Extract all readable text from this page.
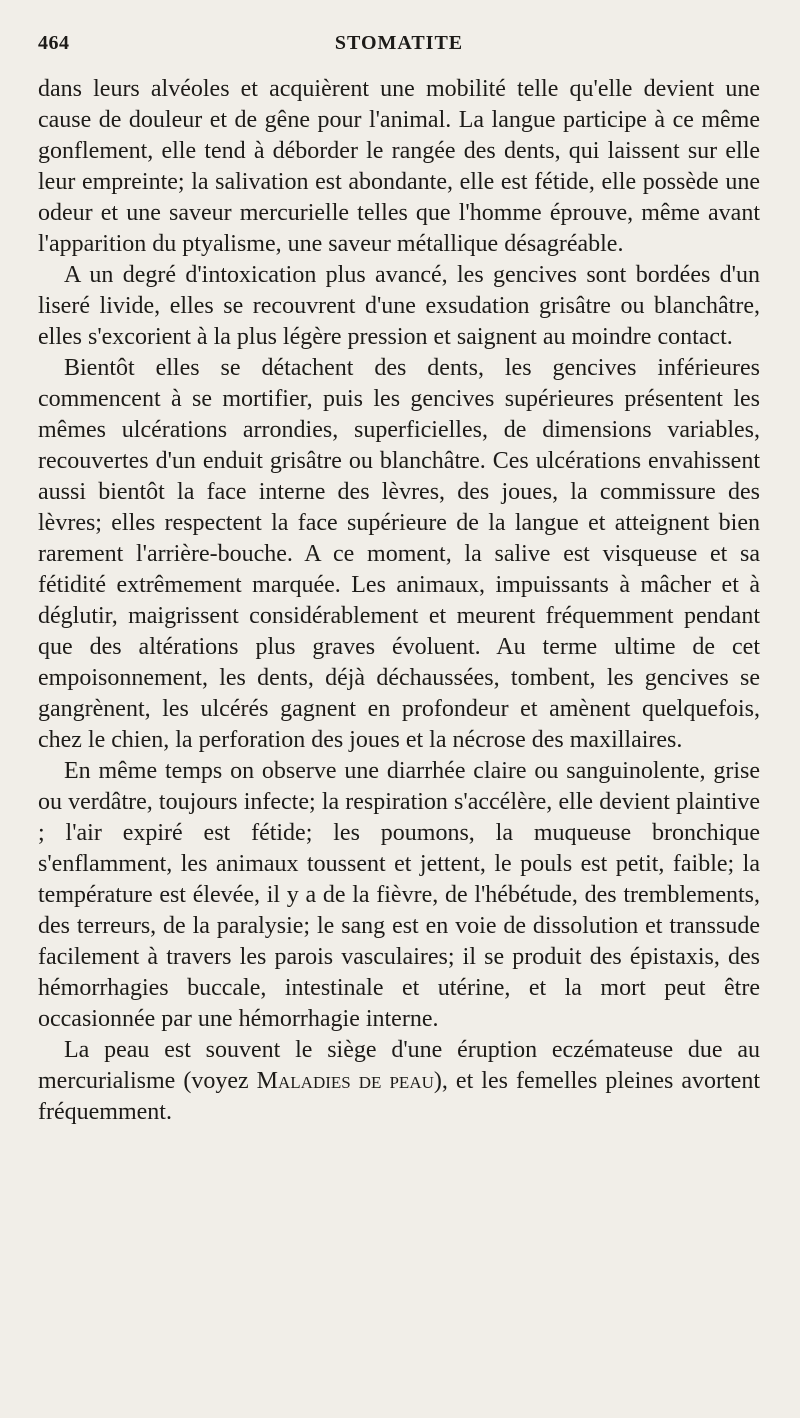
464	STOMATITE

dans leurs alvéoles et acquièrent une mobilité telle qu'elle devient une cause de douleur et de gêne pour l'animal. La langue participe à ce même gonflement, elle tend à déborder le rangée des dents, qui laissent sur elle leur empreinte; la salivation est abondante, elle est fétide, elle possède une odeur et une saveur mercurielle telles que l'homme éprouve, même avant l'apparition du ptyalisme, une saveur métallique désagréable.

A un degré d'intoxication plus avancé, les gencives sont bordées d'un liseré livide, elles se recouvrent d'une exsudation grisâtre ou blanchâtre, elles s'excorient à la plus légère pression et saignent au moindre contact.

Bientôt elles se détachent des dents, les gencives inférieures commencent à se mortifier, puis les gencives supérieures présentent les mêmes ulcérations arrondies, superficielles, de dimensions variables, recouvertes d'un enduit grisâtre ou blanchâtre. Ces ulcérations envahissent aussi bientôt la face interne des lèvres, des joues, la commissure des lèvres; elles respectent la face supérieure de la langue et atteignent bien rarement l'arrière-bouche. A ce moment, la salive est visqueuse et sa fétidité extrêmement marquée. Les animaux, impuissants à mâcher et à déglutir, maigrissent considérablement et meurent fréquemment pendant que des altérations plus graves évoluent. Au terme ultime de cet empoisonnement, les dents, déjà déchaussées, tombent, les gencives se gangrènent, les ulcérés gagnent en profondeur et amènent quelquefois, chez le chien, la perforation des joues et la nécrose des maxillaires.

En même temps on observe une diarrhée claire ou sanguinolente, grise ou verdâtre, toujours infecte; la respiration s'accélère, elle devient plaintive ; l'air expiré est fétide; les poumons, la muqueuse bronchique s'enflamment, les animaux toussent et jettent, le pouls est petit, faible; la température est élevée, il y a de la fièvre, de l'hébétude, des tremblements, des terreurs, de la paralysie; le sang est en voie de dissolution et transsude facilement à travers les parois vasculaires; il se produit des épistaxis, des hémorrhagies buccale, intestinale et utérine, et la mort peut être occasionnée par une hémorrhagie interne.

La peau est souvent le siège d'une éruption eczémateuse due au mercurialisme (voyez Maladies de peau), et les femelles pleines avortent fréquemment.
